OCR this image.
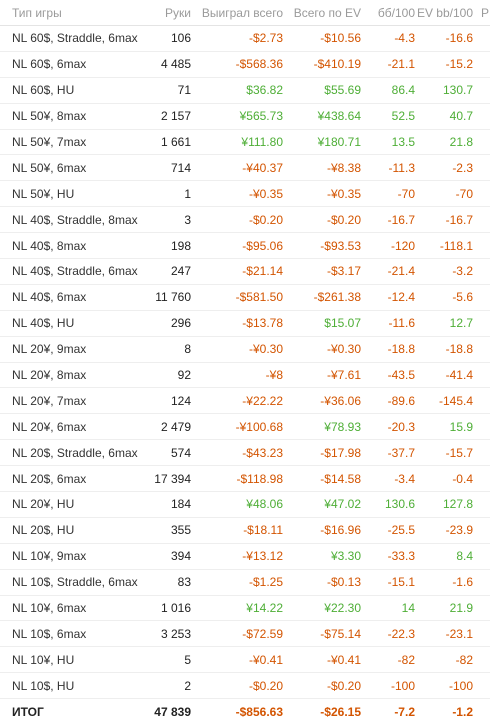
Тип игры	Руки	Выиграл всего	Всего по EV	бб/100	EV bb/100	P
NL 60$, Straddle, 6max	106	-$2.73	-$10.56	-4.3	-16.6	
NL 60$, 6max	4 485	-$568.36	-$410.19	-21.1	-15.2	
NL 60$, HU	71	$36.82	$55.69	86.4	130.7	
NL 50¥, 8max	2 157	¥565.73	¥438.64	52.5	40.7	
NL 50¥, 7max	1 661	¥111.80	¥180.71	13.5	21.8	
NL 50¥, 6max	714	-¥40.37	-¥8.38	-11.3	-2.3	
NL 50¥, HU	1	-¥0.35	-¥0.35	-70	-70	
NL 40$, Straddle, 8max	3	-$0.20	-$0.20	-16.7	-16.7	
NL 40$, 8max	198	-$95.06	-$93.53	-120	-118.1	
NL 40$, Straddle, 6max	247	-$21.14	-$3.17	-21.4	-3.2	
NL 40$, 6max	11 760	-$581.50	-$261.38	-12.4	-5.6	
NL 40$, HU	296	-$13.78	$15.07	-11.6	12.7	
NL 20¥, 9max	8	-¥0.30	-¥0.30	-18.8	-18.8	
NL 20¥, 8max	92	-¥8	-¥7.61	-43.5	-41.4	
NL 20¥, 7max	124	-¥22.22	-¥36.06	-89.6	-145.4	
NL 20¥, 6max	2 479	-¥100.68	¥78.93	-20.3	15.9	
NL 20$, Straddle, 6max	574	-$43.23	-$17.98	-37.7	-15.7	
NL 20$, 6max	17 394	-$118.98	-$14.58	-3.4	-0.4	
NL 20¥, HU	184	¥48.06	¥47.02	130.6	127.8	
NL 20$, HU	355	-$18.11	-$16.96	-25.5	-23.9	
NL 10¥, 9max	394	-¥13.12	¥3.30	-33.3	8.4	
NL 10$, Straddle, 6max	83	-$1.25	-$0.13	-15.1	-1.6	
NL 10¥, 6max	1 016	¥14.22	¥22.30	14	21.9	
NL 10$, 6max	3 253	-$72.59	-$75.14	-22.3	-23.1	
NL 10¥, HU	5	-¥0.41	-¥0.41	-82	-82	
NL 10$, HU	2	-$0.20	-$0.20	-100	-100	
ИТОГ	47 839	-$856.63	-$26.15	-7.2	-1.2	
